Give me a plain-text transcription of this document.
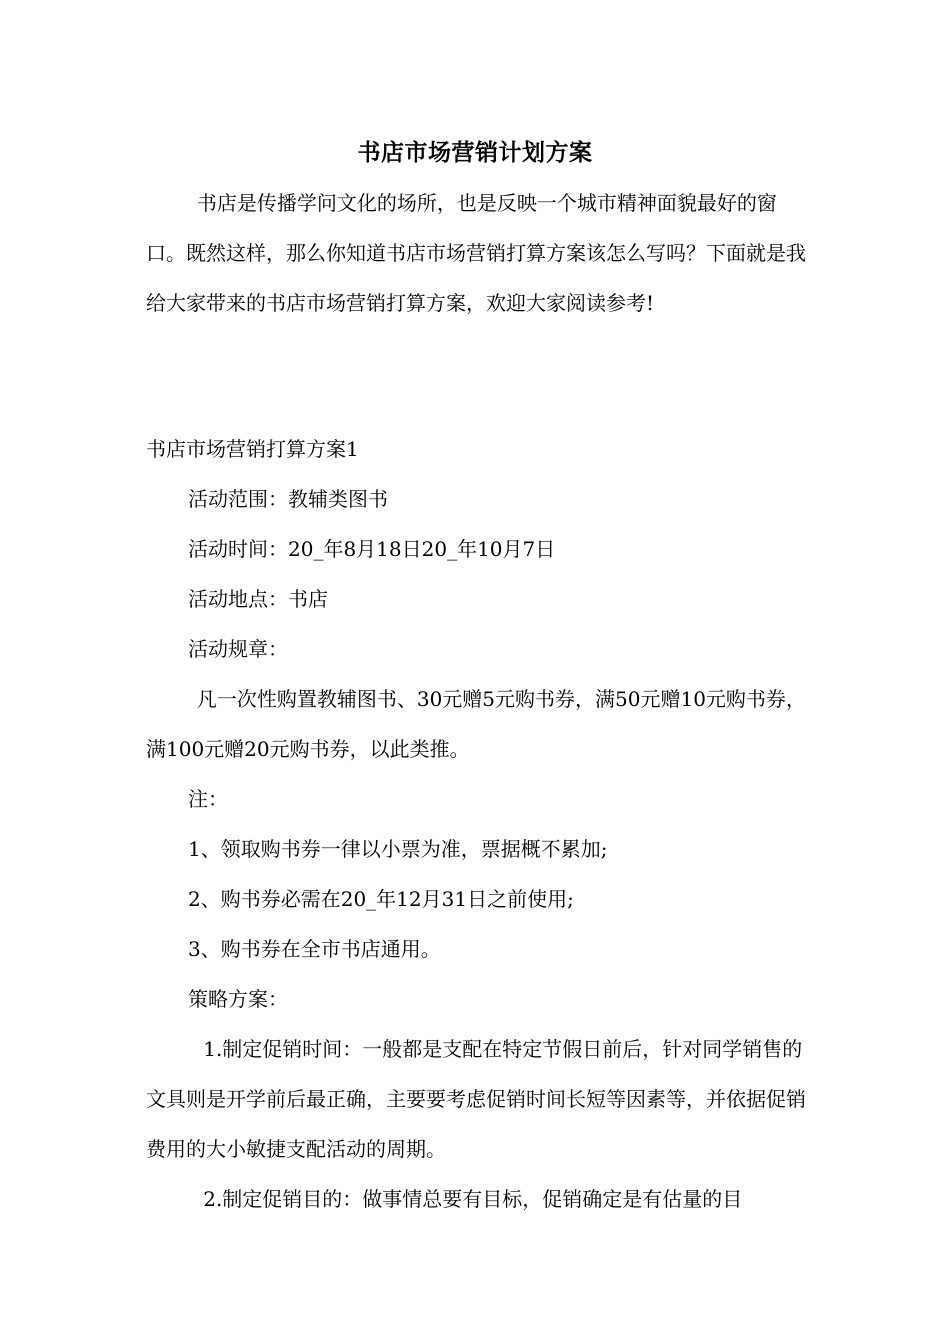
书店市场营销计划方案
书店是传播学问文化的场所，也是反映一个城市精神面貌最好的窗口。既然这样，那么你知道书店市场营销打算方案该怎么写吗？下面就是我给大家带来的书店市场营销打算方案，欢迎大家阅读参考!
书店市场营销打算方案1
活动范围：教辅类图书
活动时间：20_年8月18日20_年10月7日
活动地点：书店
活动规章：
凡一次性购置教辅图书、30元赠5元购书券，满50元赠10元购书券，满100元赠20元购书券，以此类推。
注：
1、领取购书券一律以小票为准，票据概不累加;
2、购书券必需在20_年12月31日之前使用;
3、购书券在全市书店通用。
策略方案：
1.制定促销时间：一般都是支配在特定节假日前后，针对同学销售的文具则是开学前后最正确，主要要考虑促销时间长短等因素等，并依据促销费用的大小敏捷支配活动的周期。
2.制定促销目的：做事情总要有目标，促销确定是有估量的目
